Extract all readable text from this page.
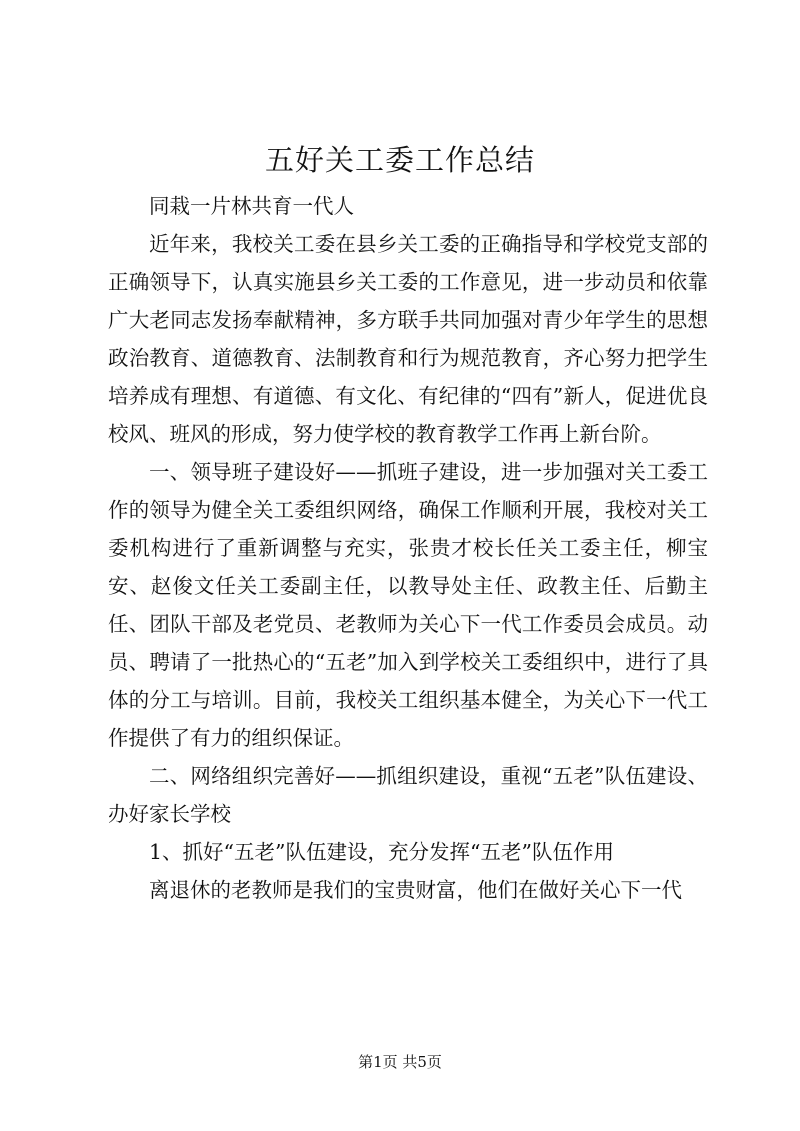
五好关工委工作总结

同栽一片林共育一代人

近年来，我校关工委在县乡关工委的正确指导和学校党支部的正确领导下，认真实施县乡关工委的工作意见，进一步动员和依靠广大老同志发扬奉献精神，多方联手共同加强对青少年学生的思想政治教育、道德教育、法制教育和行为规范教育，齐心努力把学生培养成有理想、有道德、有文化、有纪律的“四有”新人，促进优良校风、班风的形成，努力使学校的教育教学工作再上新台阶。

一、领导班子建设好——抓班子建设，进一步加强对关工委工作的领导为健全关工委组织网络，确保工作顺利开展，我校对关工委机构进行了重新调整与充实，张贵才校长任关工委主任，柳宝安、赵俊文任关工委副主任，以教导处主任、政教主任、后勤主任、团队干部及老党员、老教师为关心下一代工作委员会成员。动员、聘请了一批热心的“五老”加入到学校关工委组织中，进行了具体的分工与培训。目前，我校关工组织基本健全，为关心下一代工作提供了有力的组织保证。

二、网络组织完善好——抓组织建设，重视“五老”队伍建设、办好家长学校

1、抓好“五老”队伍建设，充分发挥“五老”队伍作用

离退休的老教师是我们的宝贵财富，他们在做好关心下一代

第1页 共5页
